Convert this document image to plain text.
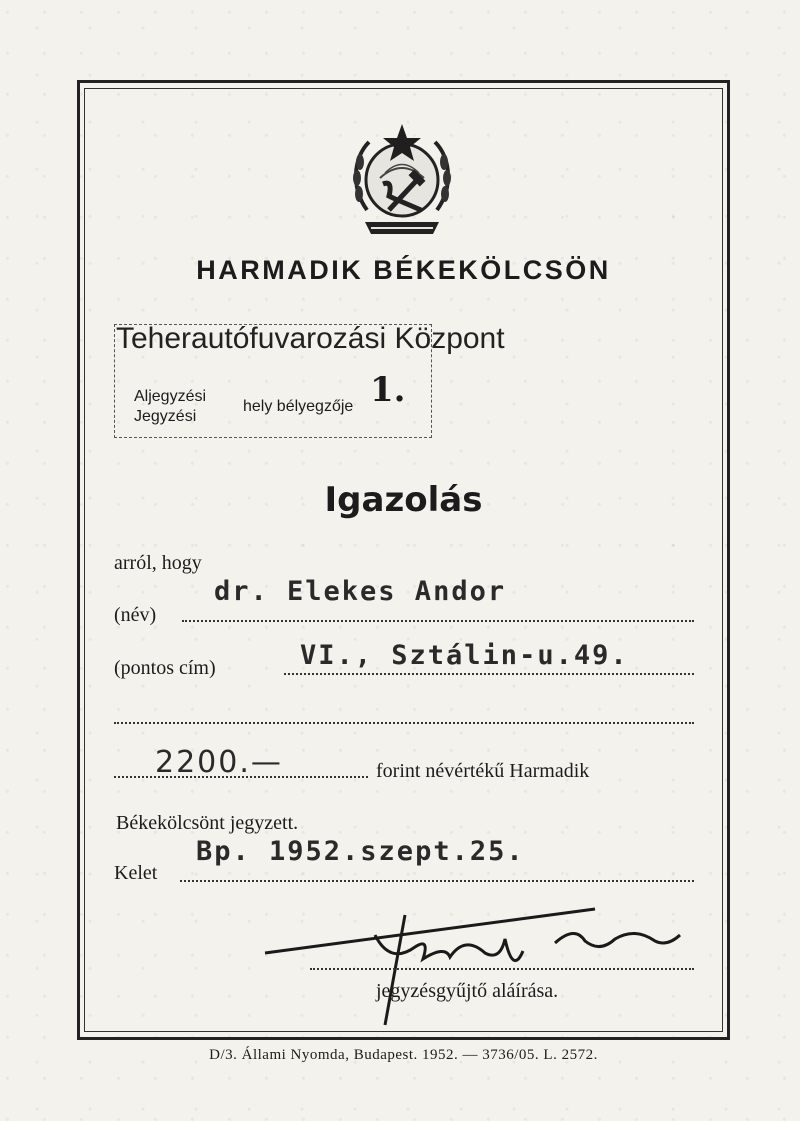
HARMADIK BÉKEKÖLCSÖN
Teherautófuvarozási Központ
Aljegyzési
Jegyzési
hely bélyegzője 1.
Igazolás
arról, hogy
(név)
dr. Elekes Andor
(pontos cím)	VI., Sztálin-u.49.
2200.—	forint névértékű Harmadik
Békekölcsönt jegyzett.
Kelet
Bp. 1952.szept.25.
jegyzésgyűjtő aláírása.
D/3. Állami Nyomda, Budapest. 1952. — 3736/05. L. 2572.
